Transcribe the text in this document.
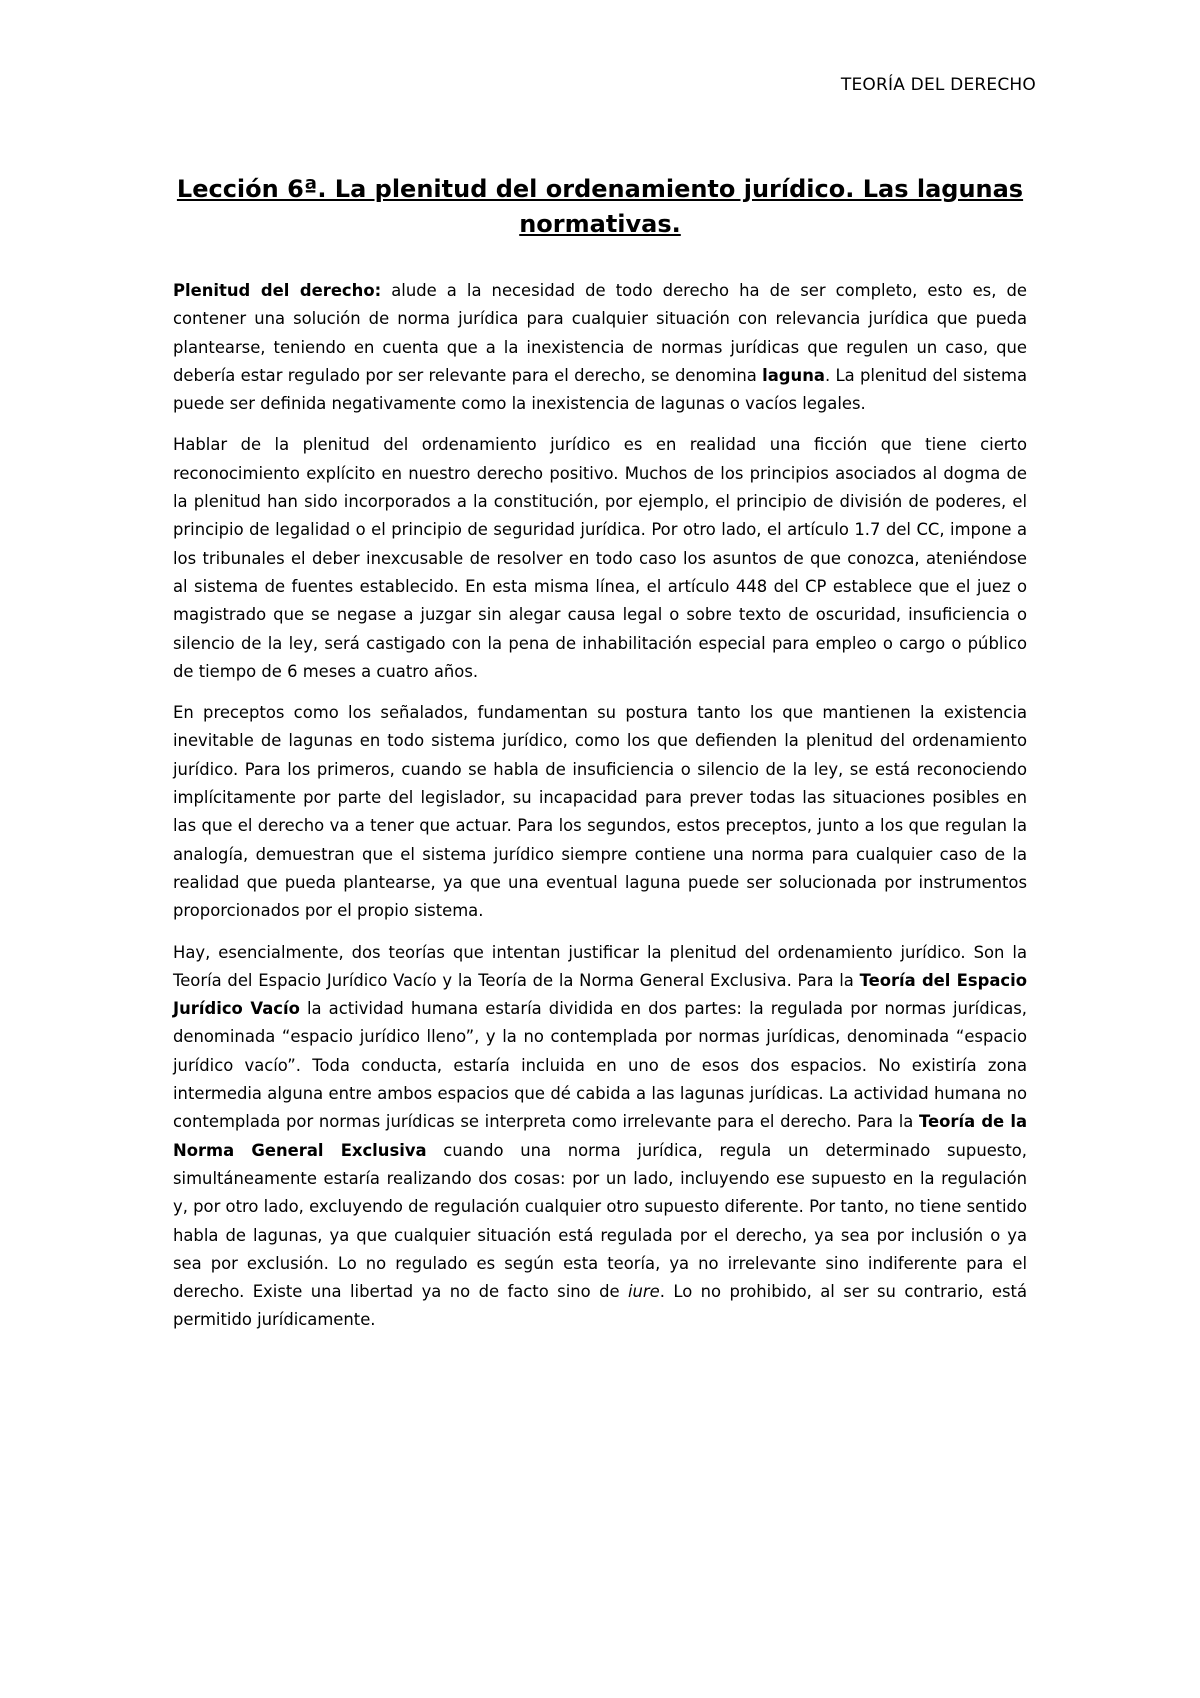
TEORÍA DEL DERECHO
Lección 6ª. La plenitud del ordenamiento jurídico. Las lagunas normativas.

Plenitud del derecho: alude a la necesidad de todo derecho ha de ser completo, esto es, de contener una solución de norma jurídica para cualquier situación con relevancia jurídica que pueda plantearse, teniendo en cuenta que a la inexistencia de normas jurídicas que regulen un caso, que debería estar regulado por ser relevante para el derecho, se denomina laguna. La plenitud del sistema puede ser definida negativamente como la inexistencia de lagunas o vacíos legales.

Hablar de la plenitud del ordenamiento jurídico es en realidad una ficción que tiene cierto reconocimiento explícito en nuestro derecho positivo. Muchos de los principios asociados al dogma de la plenitud han sido incorporados a la constitución, por ejemplo, el principio de división de poderes, el principio de legalidad o el principio de seguridad jurídica. Por otro lado, el artículo 1.7 del CC, impone a los tribunales el deber inexcusable de resolver en todo caso los asuntos de que conozca, ateniéndose al sistema de fuentes establecido. En esta misma línea, el artículo 448 del CP establece que el juez o magistrado que se negase a juzgar sin alegar causa legal o sobre texto de oscuridad, insuficiencia o silencio de la ley, será castigado con la pena de inhabilitación especial para empleo o cargo o público de tiempo de 6 meses a cuatro años.

En preceptos como los señalados, fundamentan su postura tanto los que mantienen la existencia inevitable de lagunas en todo sistema jurídico, como los que defienden la plenitud del ordenamiento jurídico. Para los primeros, cuando se habla de insuficiencia o silencio de la ley, se está reconociendo implícitamente por parte del legislador, su incapacidad para prever todas las situaciones posibles en las que el derecho va a tener que actuar. Para los segundos, estos preceptos, junto a los que regulan la analogía, demuestran que el sistema jurídico siempre contiene una norma para cualquier caso de la realidad que pueda plantearse, ya que una eventual laguna puede ser solucionada por instrumentos proporcionados por el propio sistema.

Hay, esencialmente, dos teorías que intentan justificar la plenitud del ordenamiento jurídico. Son la Teoría del Espacio Jurídico Vacío y la Teoría de la Norma General Exclusiva. Para la Teoría del Espacio Jurídico Vacío la actividad humana estaría dividida en dos partes: la regulada por normas jurídicas, denominada “espacio jurídico lleno”, y la no contemplada por normas jurídicas, denominada “espacio jurídico vacío”. Toda conducta, estaría incluida en uno de esos dos espacios. No existiría zona intermedia alguna entre ambos espacios que dé cabida a las lagunas jurídicas. La actividad humana no contemplada por normas jurídicas se interpreta como irrelevante para el derecho. Para la Teoría de la Norma General Exclusiva cuando una norma jurídica, regula un determinado supuesto, simultáneamente estaría realizando dos cosas: por un lado, incluyendo ese supuesto en la regulación y, por otro lado, excluyendo de regulación cualquier otro supuesto diferente. Por tanto, no tiene sentido habla de lagunas, ya que cualquier situación está regulada por el derecho, ya sea por inclusión o ya sea por exclusión. Lo no regulado es según esta teoría, ya no irrelevante sino indiferente para el derecho. Existe una libertad ya no de facto sino de iure. Lo no prohibido, al ser su contrario, está permitido jurídicamente.
